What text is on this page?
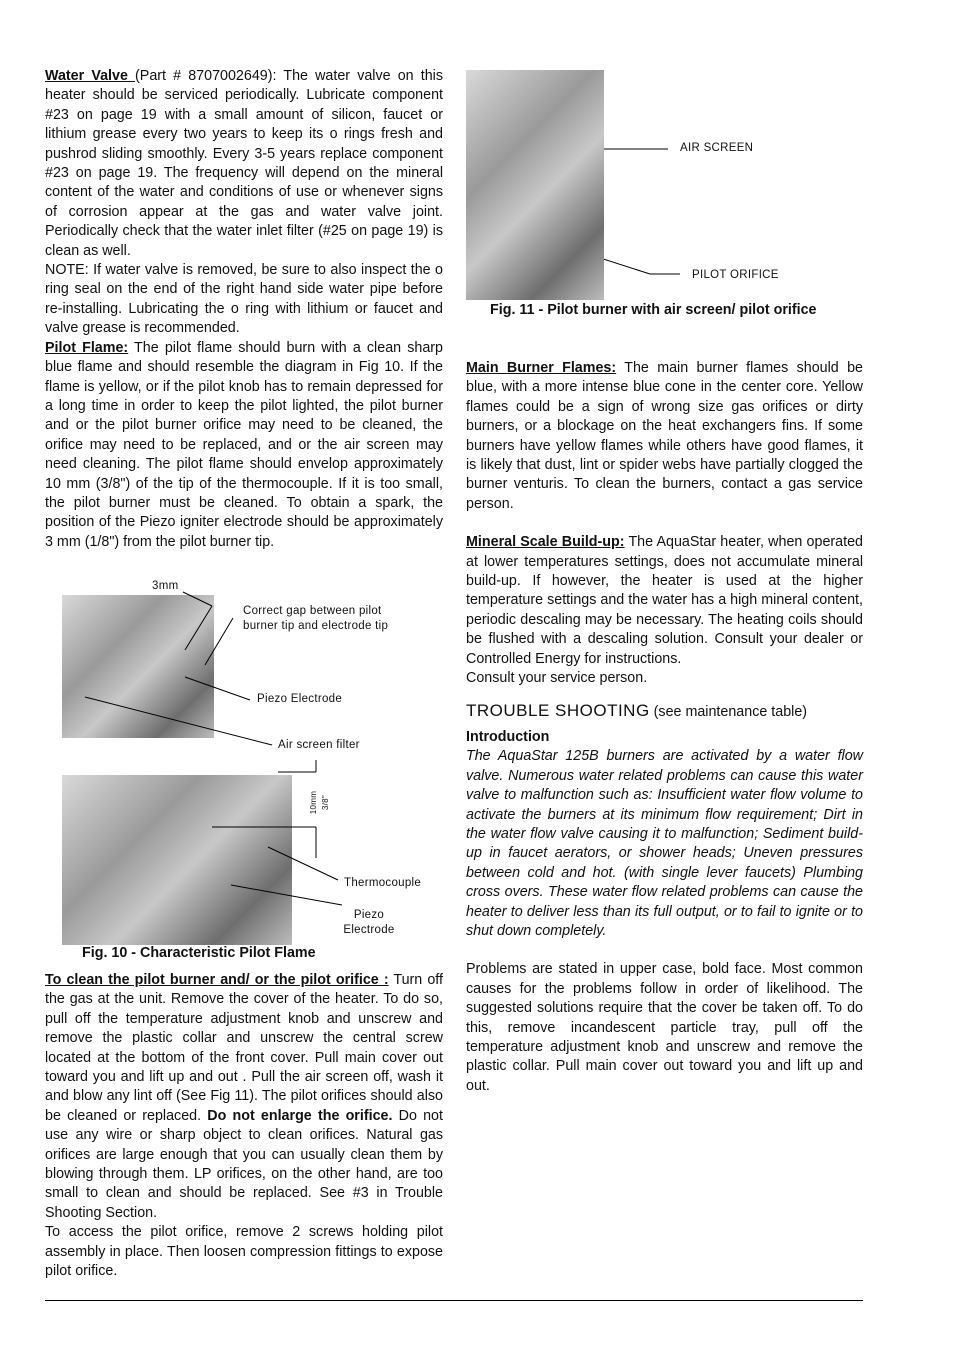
Water Valve (Part # 8707002649): The water valve on this heater should be serviced periodically. Lubricate component #23 on page 19 with a small amount of silicon, faucet or lithium grease every two years to keep its o rings fresh and pushrod sliding smoothly. Every 3-5 years replace component #23 on page 19. The frequency will depend on the mineral content of the water and conditions of use or whenever signs of corrosion appear at the gas and water valve joint. Periodically check that the water inlet filter (#25 on page 19) is clean as well.

NOTE: If water valve is removed, be sure to also inspect the o ring seal on the end of the right hand side water pipe before re-installing. Lubricating the o ring with lithium or faucet and valve grease is recommended.

Pilot Flame: The pilot flame should burn with a clean sharp blue flame and should resemble the diagram in Fig 10. If the flame is yellow, or if the pilot knob has to remain depressed for a long time in order to keep the pilot lighted, the pilot burner and or the pilot burner orifice may need to be cleaned, the orifice may need to be replaced, and or the air screen may need cleaning. The pilot flame should envelop approximately 10 mm (3/8") of the tip of the thermocouple. If it is too small, the pilot burner must be cleaned. To obtain a spark, the position of the Piezo igniter electrode should be approximately 3 mm (1/8") from the pilot burner tip.

3mm
Correct gap between pilot burner tip and electrode tip
Piezo Electrode
Air screen filter
10mm 3/8"
Thermocouple
Piezo Electrode
Fig. 10 - Characteristic Pilot Flame

To clean the pilot burner and/ or the pilot orifice : Turn off the gas at the unit. Remove the cover of the heater. To do so, pull off the temperature adjustment knob and unscrew and remove the plastic collar and unscrew the central screw located at the bottom of the front cover. Pull main cover out toward you and lift up and out . Pull the air screen off, wash it and blow any lint off (See Fig 11). The pilot orifices should also be cleaned or replaced. Do not enlarge the orifice. Do not use any wire or sharp object to clean orifices. Natural gas orifices are large enough that you can usually clean them by blowing through them. LP orifices, on the other hand, are too small to clean and should be replaced. See #3 in Trouble Shooting Section.

To access the pilot orifice, remove 2 screws holding pilot assembly in place. Then loosen compression fittings to expose pilot orifice.

AIR SCREEN
PILOT ORIFICE
Fig. 11 - Pilot burner with air screen/ pilot orifice

Main Burner Flames: The main burner flames should be blue, with a more intense blue cone in the center core. Yellow flames could be a sign of wrong size gas orifices or dirty burners, or a blockage on the heat exchangers fins. If some burners have yellow flames while others have good flames, it is likely that dust, lint or spider webs have partially clogged the burner venturis. To clean the burners, contact a gas service person.

Mineral Scale Build-up: The AquaStar heater, when operated at lower temperatures settings, does not accumulate mineral build-up. If however, the heater is used at the higher temperature settings and the water has a high mineral content, periodic descaling may be necessary. The heating coils should be flushed with a descaling solution. Consult your dealer or Controlled Energy for instructions.

Consult your service person.

TROUBLE SHOOTING (see maintenance table)

Introduction

The AquaStar 125B burners are activated by a water flow valve. Numerous water related problems can cause this water valve to malfunction such as: Insufficient water flow volume to activate the burners at its minimum flow requirement; Dirt in the water flow valve causing it to malfunction; Sediment build-up in faucet aerators, or shower heads; Uneven pressures between cold and hot. (with single lever faucets) Plumbing cross overs. These water flow related problems can cause the heater to deliver less than its full output, or to fail to ignite or to shut down completely.

Problems are stated in upper case, bold face. Most common causes for the problems follow in order of likelihood. The suggested solutions require that the cover be taken off. To do this, remove incandescent particle tray, pull off the temperature adjustment knob and unscrew and remove the plastic collar. Pull main cover out toward you and lift up and out.
